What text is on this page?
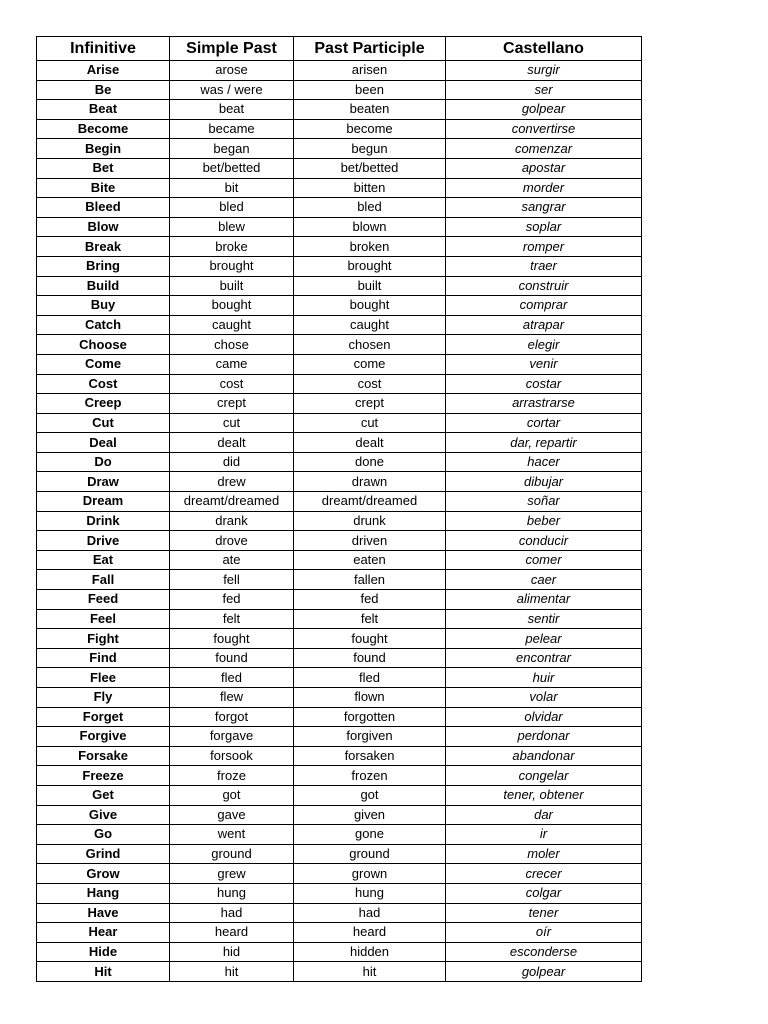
Infinitive	Simple Past	Past Participle	Castellano
Arise	arose	arisen	surgir
Be	was / were	been	ser
Beat	beat	beaten	golpear
Become	became	become	convertirse
Begin	began	begun	comenzar
Bet	bet/betted	bet/betted	apostar
Bite	bit	bitten	morder
Bleed	bled	bled	sangrar
Blow	blew	blown	soplar
Break	broke	broken	romper
Bring	brought	brought	traer
Build	built	built	construir
Buy	bought	bought	comprar
Catch	caught	caught	atrapar
Choose	chose	chosen	elegir
Come	came	come	venir
Cost	cost	cost	costar
Creep	crept	crept	arrastrarse
Cut	cut	cut	cortar
Deal	dealt	dealt	dar, repartir
Do	did	done	hacer
Draw	drew	drawn	dibujar
Dream	dreamt/dreamed	dreamt/dreamed	soñar
Drink	drank	drunk	beber
Drive	drove	driven	conducir
Eat	ate	eaten	comer
Fall	fell	fallen	caer
Feed	fed	fed	alimentar
Feel	felt	felt	sentir
Fight	fought	fought	pelear
Find	found	found	encontrar
Flee	fled	fled	huir
Fly	flew	flown	volar
Forget	forgot	forgotten	olvidar
Forgive	forgave	forgiven	perdonar
Forsake	forsook	forsaken	abandonar
Freeze	froze	frozen	congelar
Get	got	got	tener, obtener
Give	gave	given	dar
Go	went	gone	ir
Grind	ground	ground	moler
Grow	grew	grown	crecer
Hang	hung	hung	colgar
Have	had	had	tener
Hear	heard	heard	oír
Hide	hid	hidden	esconderse
Hit	hit	hit	golpear
